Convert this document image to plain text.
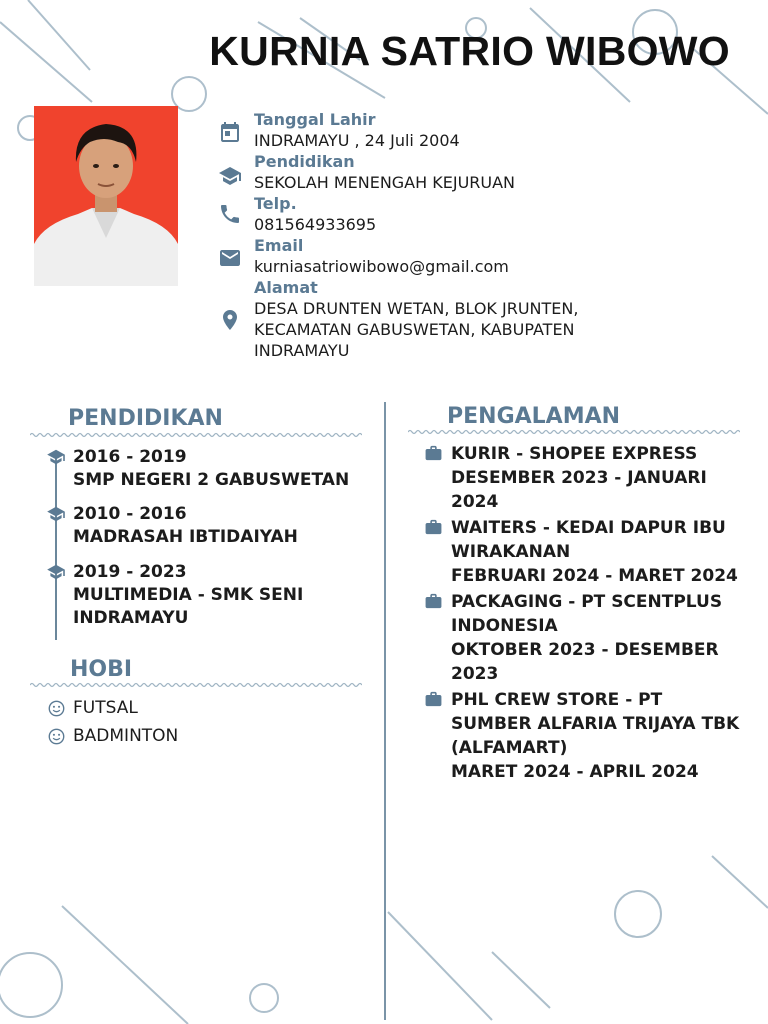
KURNIA SATRIO WIBOWO
Tanggal Lahir
INDRAMAYU , 24 Juli 2004
Pendidikan
SEKOLAH MENENGAH KEJURUAN
Telp.
081564933695
Email
kurniasatriowibowo@gmail.com
Alamat
DESA DRUNTEN WETAN, BLOK JRUNTEN, KECAMATAN GABUSWETAN, KABUPATEN INDRAMAYU
PENDIDIKAN
2016 - 2019
SMP NEGERI 2 GABUSWETAN
2010 - 2016
MADRASAH IBTIDAIYAH
2019 - 2023
MULTIMEDIA - SMK SENI INDRAMAYU
HOBI
FUTSAL
BADMINTON
PENGALAMAN
KURIR - SHOPEE EXPRESS
DESEMBER 2023 - JANUARI 2024
WAITERS - KEDAI DAPUR IBU WIRAKANAN
FEBRUARI 2024 - MARET 2024
PACKAGING - PT SCENTPLUS INDONESIA
OKTOBER 2023 - DESEMBER 2023
PHL CREW STORE - PT SUMBER ALFARIA TRIJAYA TBK (ALFAMART)
MARET 2024 - APRIL 2024
